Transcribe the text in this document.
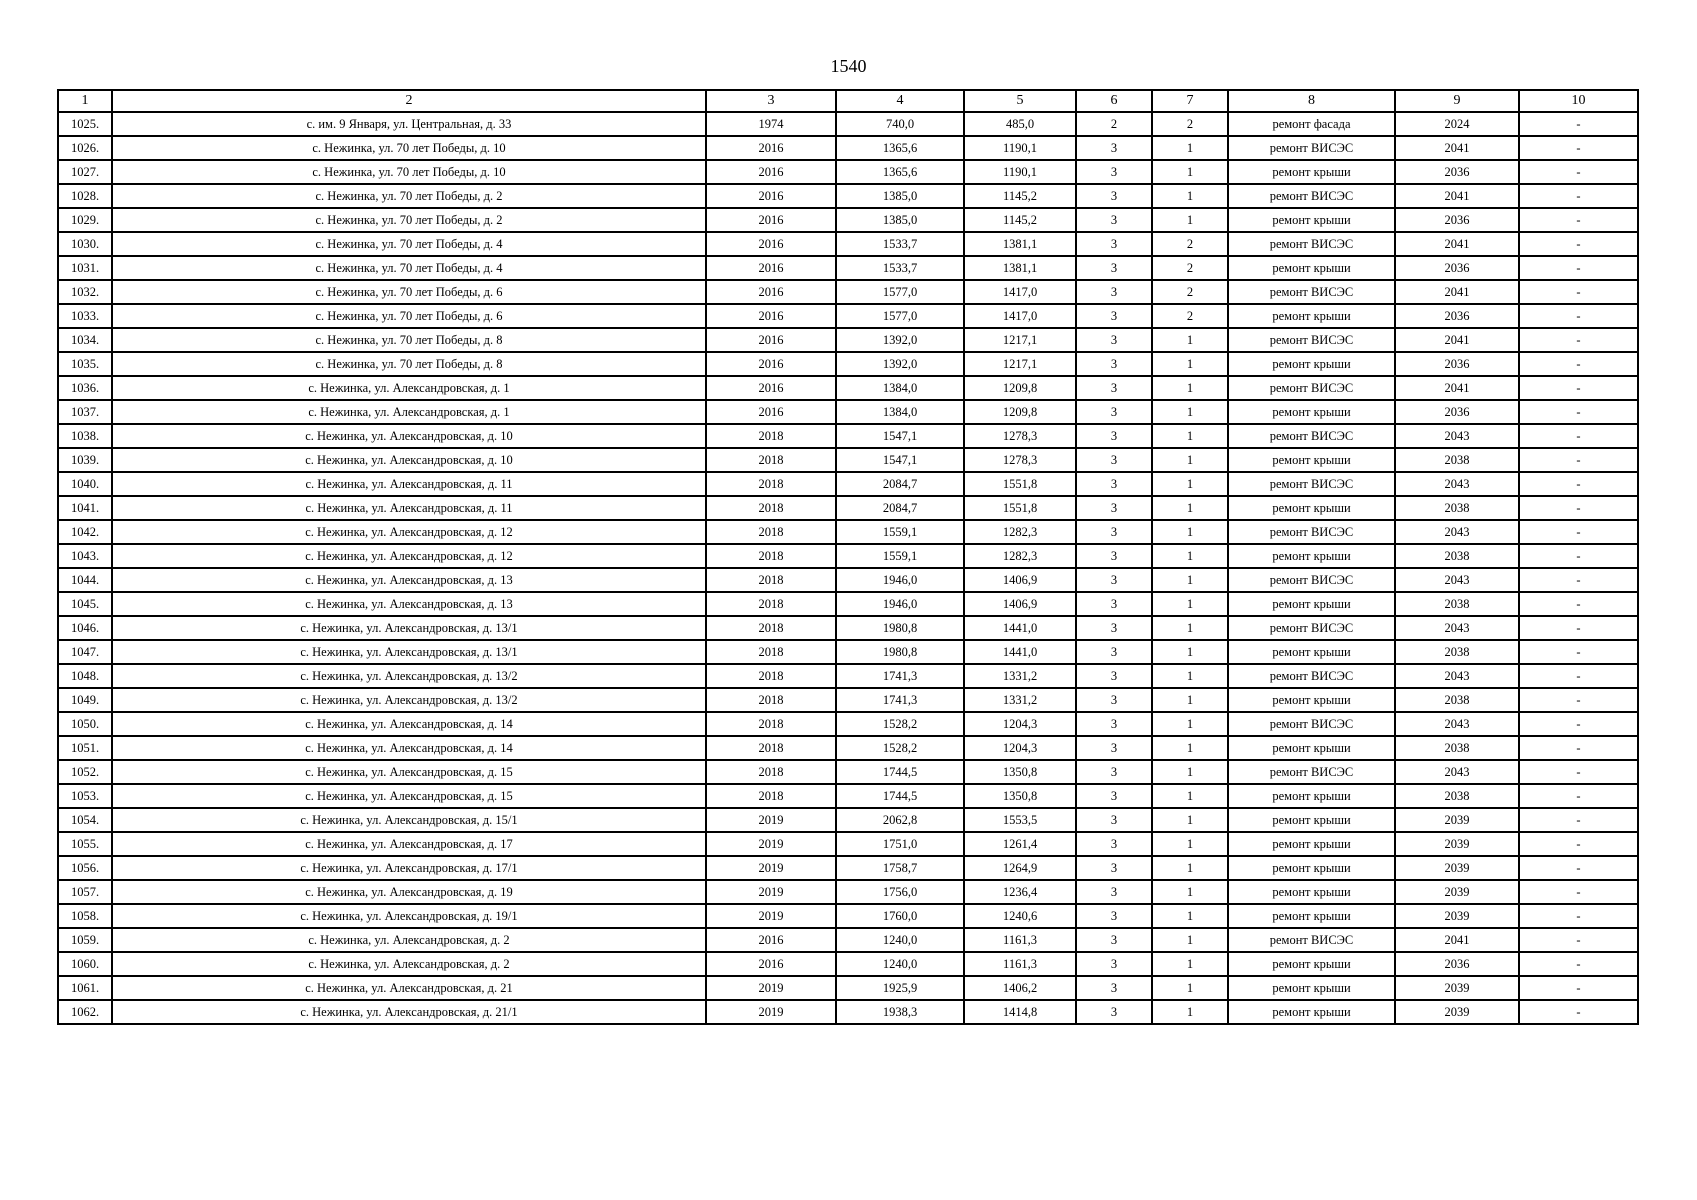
1540
1	2	3	4	5	6	7	8	9	10
1025.	с. им. 9 Января, ул. Центральная, д. 33	1974	740,0	485,0	2	2	ремонт фасада	2024	-
1026.	с. Нежинка, ул. 70 лет Победы, д. 10	2016	1365,6	1190,1	3	1	ремонт ВИСЭС	2041	-
1027.	с. Нежинка, ул. 70 лет Победы, д. 10	2016	1365,6	1190,1	3	1	ремонт крыши	2036	-
1028.	с. Нежинка, ул. 70 лет Победы, д. 2	2016	1385,0	1145,2	3	1	ремонт ВИСЭС	2041	-
1029.	с. Нежинка, ул. 70 лет Победы, д. 2	2016	1385,0	1145,2	3	1	ремонт крыши	2036	-
1030.	с. Нежинка, ул. 70 лет Победы, д. 4	2016	1533,7	1381,1	3	2	ремонт ВИСЭС	2041	-
1031.	с. Нежинка, ул. 70 лет Победы, д. 4	2016	1533,7	1381,1	3	2	ремонт крыши	2036	-
1032.	с. Нежинка, ул. 70 лет Победы, д. 6	2016	1577,0	1417,0	3	2	ремонт ВИСЭС	2041	-
1033.	с. Нежинка, ул. 70 лет Победы, д. 6	2016	1577,0	1417,0	3	2	ремонт крыши	2036	-
1034.	с. Нежинка, ул. 70 лет Победы, д. 8	2016	1392,0	1217,1	3	1	ремонт ВИСЭС	2041	-
1035.	с. Нежинка, ул. 70 лет Победы, д. 8	2016	1392,0	1217,1	3	1	ремонт крыши	2036	-
1036.	с. Нежинка, ул. Александровская, д. 1	2016	1384,0	1209,8	3	1	ремонт ВИСЭС	2041	-
1037.	с. Нежинка, ул. Александровская, д. 1	2016	1384,0	1209,8	3	1	ремонт крыши	2036	-
1038.	с. Нежинка, ул. Александровская, д. 10	2018	1547,1	1278,3	3	1	ремонт ВИСЭС	2043	-
1039.	с. Нежинка, ул. Александровская, д. 10	2018	1547,1	1278,3	3	1	ремонт крыши	2038	-
1040.	с. Нежинка, ул. Александровская, д. 11	2018	2084,7	1551,8	3	1	ремонт ВИСЭС	2043	-
1041.	с. Нежинка, ул. Александровская, д. 11	2018	2084,7	1551,8	3	1	ремонт крыши	2038	-
1042.	с. Нежинка, ул. Александровская, д. 12	2018	1559,1	1282,3	3	1	ремонт ВИСЭС	2043	-
1043.	с. Нежинка, ул. Александровская, д. 12	2018	1559,1	1282,3	3	1	ремонт крыши	2038	-
1044.	с. Нежинка, ул. Александровская, д. 13	2018	1946,0	1406,9	3	1	ремонт ВИСЭС	2043	-
1045.	с. Нежинка, ул. Александровская, д. 13	2018	1946,0	1406,9	3	1	ремонт крыши	2038	-
1046.	с. Нежинка, ул. Александровская, д. 13/1	2018	1980,8	1441,0	3	1	ремонт ВИСЭС	2043	-
1047.	с. Нежинка, ул. Александровская, д. 13/1	2018	1980,8	1441,0	3	1	ремонт крыши	2038	-
1048.	с. Нежинка, ул. Александровская, д. 13/2	2018	1741,3	1331,2	3	1	ремонт ВИСЭС	2043	-
1049.	с. Нежинка, ул. Александровская, д. 13/2	2018	1741,3	1331,2	3	1	ремонт крыши	2038	-
1050.	с. Нежинка, ул. Александровская, д. 14	2018	1528,2	1204,3	3	1	ремонт ВИСЭС	2043	-
1051.	с. Нежинка, ул. Александровская, д. 14	2018	1528,2	1204,3	3	1	ремонт крыши	2038	-
1052.	с. Нежинка, ул. Александровская, д. 15	2018	1744,5	1350,8	3	1	ремонт ВИСЭС	2043	-
1053.	с. Нежинка, ул. Александровская, д. 15	2018	1744,5	1350,8	3	1	ремонт крыши	2038	-
1054.	с. Нежинка, ул. Александровская, д. 15/1	2019	2062,8	1553,5	3	1	ремонт крыши	2039	-
1055.	с. Нежинка, ул. Александровская, д. 17	2019	1751,0	1261,4	3	1	ремонт крыши	2039	-
1056.	с. Нежинка, ул. Александровская, д. 17/1	2019	1758,7	1264,9	3	1	ремонт крыши	2039	-
1057.	с. Нежинка, ул. Александровская, д. 19	2019	1756,0	1236,4	3	1	ремонт крыши	2039	-
1058.	с. Нежинка, ул. Александровская, д. 19/1	2019	1760,0	1240,6	3	1	ремонт крыши	2039	-
1059.	с. Нежинка, ул. Александровская, д. 2	2016	1240,0	1161,3	3	1	ремонт ВИСЭС	2041	-
1060.	с. Нежинка, ул. Александровская, д. 2	2016	1240,0	1161,3	3	1	ремонт крыши	2036	-
1061.	с. Нежинка, ул. Александровская, д. 21	2019	1925,9	1406,2	3	1	ремонт крыши	2039	-
1062.	с. Нежинка, ул. Александровская, д. 21/1	2019	1938,3	1414,8	3	1	ремонт крыши	2039	-
